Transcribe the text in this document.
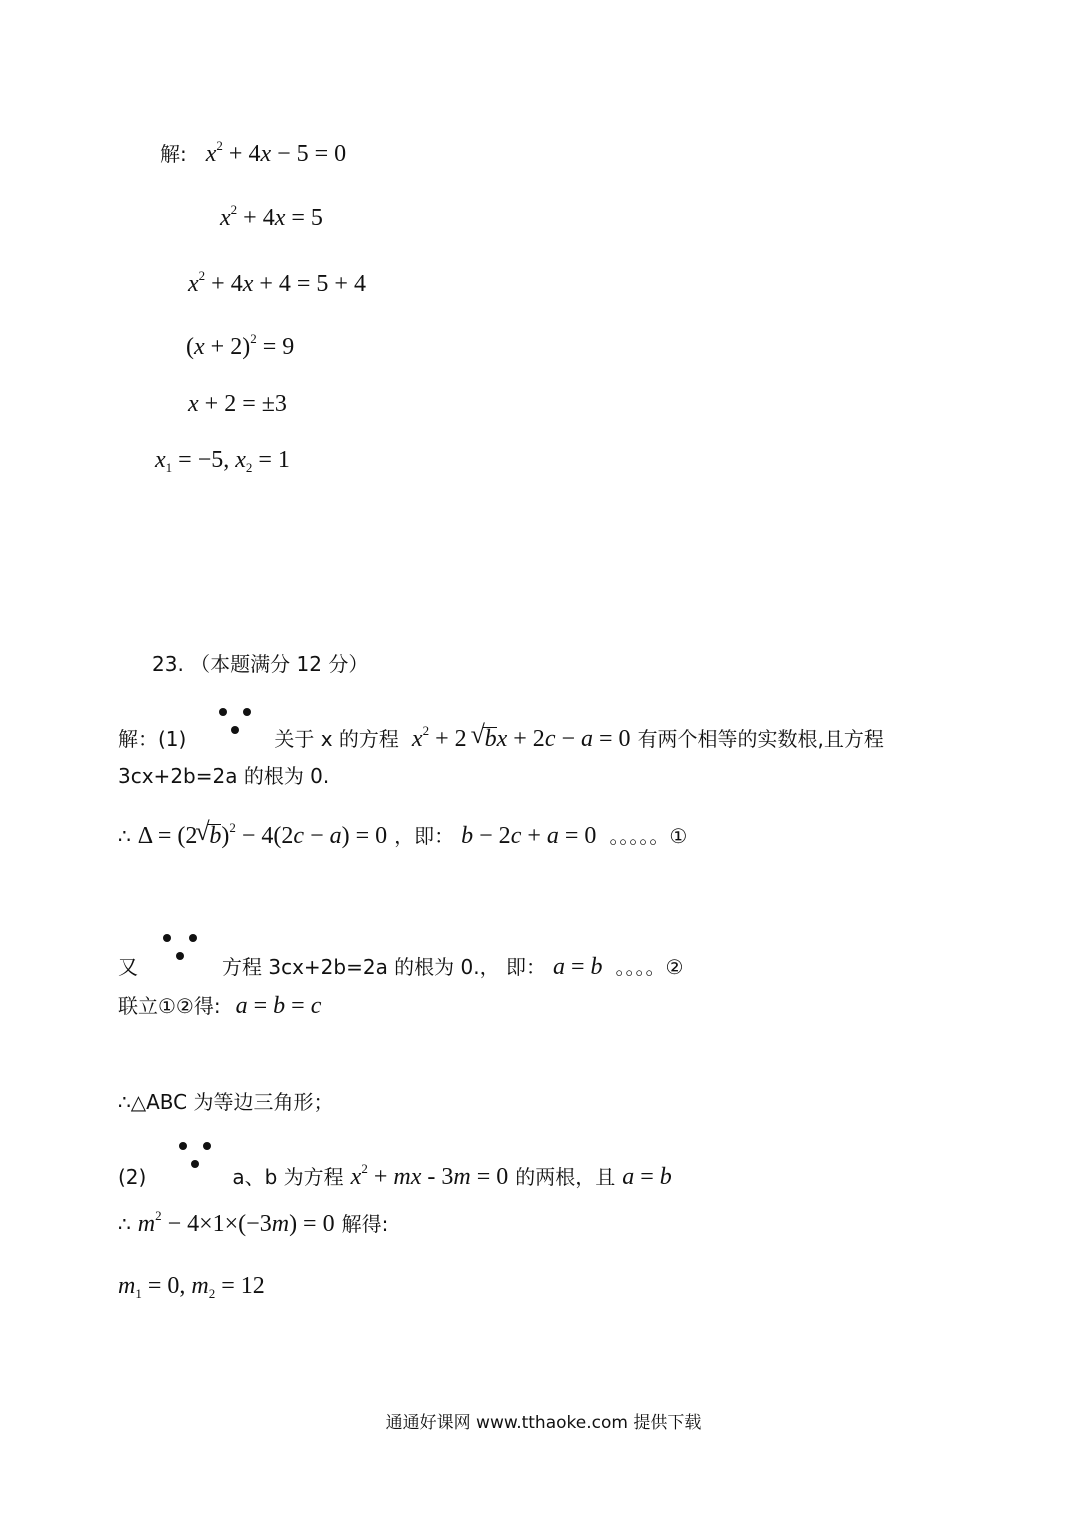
解: $x^2 + 4x - 5 = 0$
$x^2 + 4x = 5$
$x^2 + 4x + 4 = 5 + 4$
$(x + 2)^2 = 9$
x + 2 = ±3
$x_1 = -5$, $x_2 = 1$
23. （本题满分 12 分）
解：(1)	关于 x 的方程 $x^2 + 2$
√ bx + 2c − a = 0 有两个相等的实数根,且方程
3cx+2b=2a 的根为 0.
∴ Δ = (2
√ b)$^2$ − 4(2c − a) = 0 ，即： b − 2c + a = 0 。。。。。①
又	方程 3cx+2b=2a 的根为 0.， 即： a = b 。。。。②
联立①②得: a = b = c
∴△ABC 为等边三角形；
(2)	a、b 为方程 $x^2$ + mx - 3m = 0 的两根，且 a = b
∴ $m^2 - 4\times 1\times(-3m) = 0$ 解得:
$m_1 = 0$, $m_2 = 12$
通通好课网 www.tthaoke.com 提供下载
